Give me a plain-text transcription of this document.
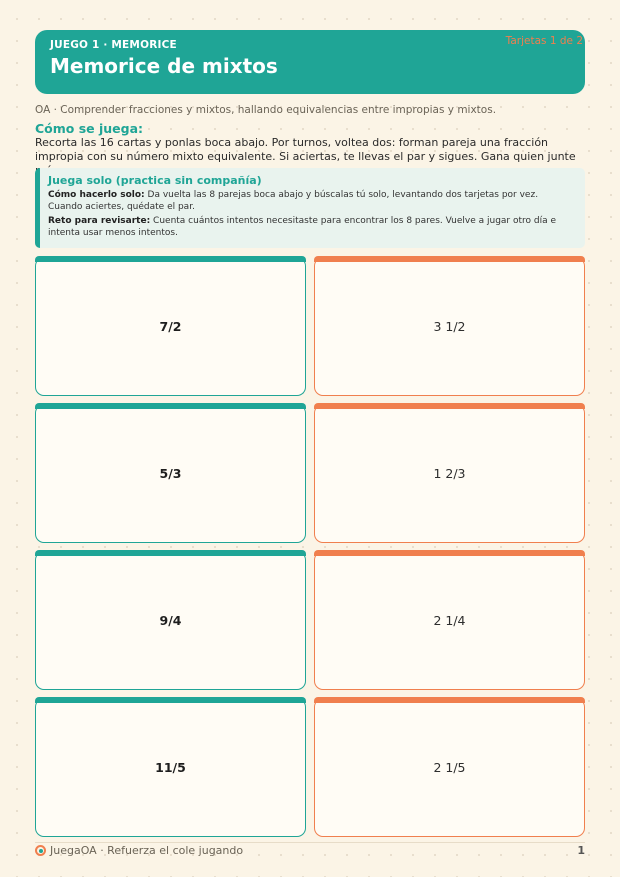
JUEGO 1 · MEMORICE
Memorice de mixtos
Tarjetas 1 de 2
OA · Comprender fracciones y mixtos, hallando equivalencias entre impropias y mixtos.
Cómo se juega:
Recorta las 16 cartas y ponlas boca abajo. Por turnos, voltea dos: forman pareja una fracción impropia con su número mixto equivalente. Si aciertas, te llevas el par y sigues. Gana quien junte
Juega solo (practica sin compañía)
Cómo hacerlo solo: Da vuelta las 8 parejas boca abajo y búscalas tú solo, levantando dos tarjetas por vez. Cuando aciertes, quédate el par.
Reto para revisarte: Cuenta cuántos intentos necesitaste para encontrar los 8 pares. Vuelve a jugar otro día e intenta usar menos intentos.
7/2	3 1/2
5/3	1 2/3
9/4	2 1/4
11/5	2 1/5
JuegaOA · Refuerza el cole jugando	1
